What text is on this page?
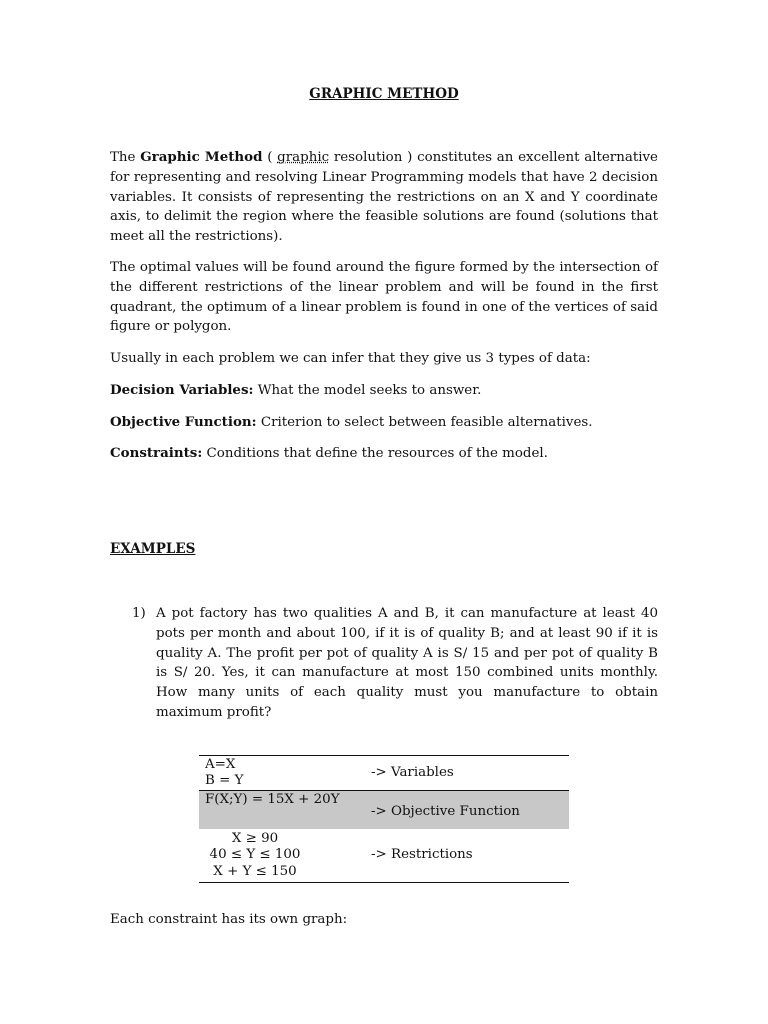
GRAPHIC METHOD

The Graphic Method ( graphic resolution ) constitutes an excellent alternative for representing and resolving Linear Programming models that have 2 decision variables. It consists of representing the restrictions on an X and Y coordinate axis, to delimit the region where the feasible solutions are found (solutions that meet all the restrictions).

The optimal values will be found around the figure formed by the intersection of the different restrictions of the linear problem and will be found in the first quadrant, the optimum of a linear problem is found in one of the vertices of said figure or polygon.

Usually in each problem we can infer that they give us 3 types of data:
Decision Variables: What the model seeks to answer.
Objective Function: Criterion to select between feasible alternatives.
Constraints: Conditions that define the resources of the model.
EXAMPLES
1) A pot factory has two qualities A and B, it can manufacture at least 40 pots per month and about 100, if it is of quality B; and at least 90 if it is quality A. The profit per pot of quality A is S/ 15 and per pot of quality B is S/ 20. Yes, it can manufacture at most 150 combined units monthly. How many units of each quality must you manufacture to obtain maximum profit?

A=X
B = Y	-> Variables
F(X;Y) = 15X + 20Y	-> Objective Function

X ≥ 90
40 ≤ Y ≤ 100
X + Y ≤ 150	-> Restrictions
Each constraint has its own graph:
